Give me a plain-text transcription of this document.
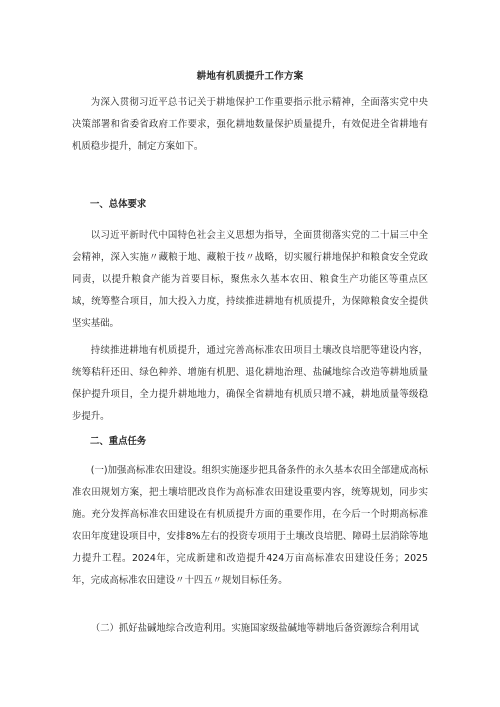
耕地有机质提升工作方案

为深入贯彻习近平总书记关于耕地保护工作重要指示批示精神，全面落实党中央决策部署和省委省政府工作要求，强化耕地数量保护质量提升，有效促进全省耕地有机质稳步提升，制定方案如下。

一、总体要求

以习近平新时代中国特色社会主义思想为指导，全面贯彻落实党的二十届三中全会精神，深入实施〃藏粮于地、藏粮于技〃战略，切实履行耕地保护和粮食安全党政同责，以提升粮食产能为首要目标，聚焦永久基本农田、粮食生产功能区等重点区域，统筹整合项目，加大投入力度，持续推进耕地有机质提升，为保障粮食安全提供坚实基础。

持续推进耕地有机质提升，通过完善高标准农田项目土壤改良培肥等建设内容，统筹秸秆还田、绿色种养、增施有机肥、退化耕地治理、盐碱地综合改造等耕地质量保护提升项目，全力提升耕地地力，确保全省耕地有机质只增不减，耕地质量等级稳步提升。

二、重点任务

(一)加强高标准农田建设。组织实施逐步把具备条件的永久基本农田全部建成高标准农田规划方案，把土壤培肥改良作为高标准农田建设重要内容，统筹规划，同步实施。充分发挥高标准农田建设在有机质提升方面的重要作用，在今后一个时期高标准农田年度建设项目中，安排8%左右的投资专项用于土壤改良培肥、障碍土层消除等地力提升工程。2024年，完成新建和改造提升424万亩高标准农田建设任务；2025年，完成高标准农田建设〃十四五〃规划目标任务。

（二）抓好盐碱地综合改造利用。实施国家级盐碱地等耕地后备资源综合利用试
